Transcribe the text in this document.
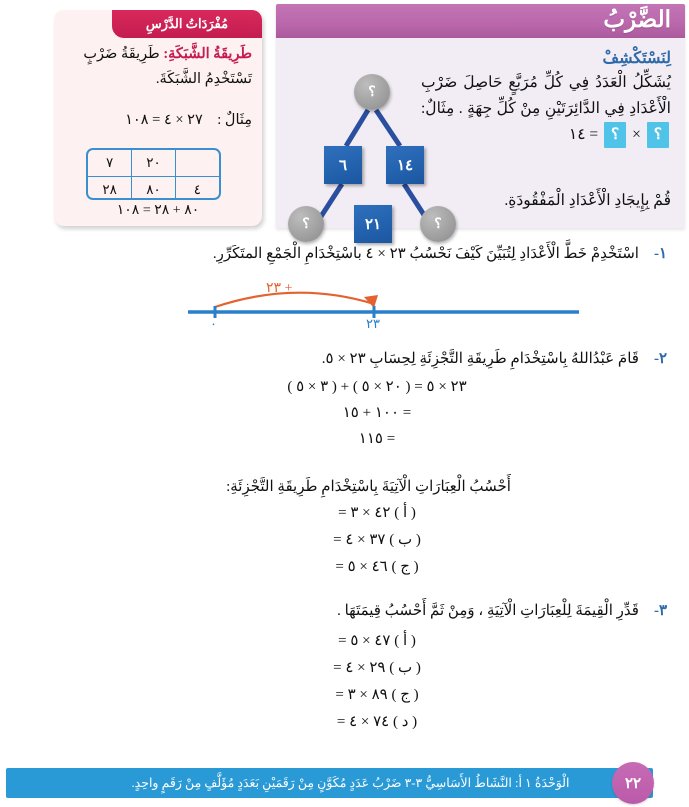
الضَّرْبُ
لِنَسْتَكْشِفْ
يُشَكِّلُ الْعَدَدُ فِي كُلِّ مُرَبَّعٍ حَاصِلَ ضَرْبِ الْأَعْدَادِ فِي الدَّائِرَتَيْنِ مِنْ كُلِّ جِهَةٍ . مِثَالٌ: ؟ × ؟ = ١٤
قُمْ بِإِيجَادِ الْأَعْدَادِ الْمَفْقُودَةِ.
؟
٦	١٤
؟	٢١	؟
مُفْرَدَاتُ الدَّرْسِ
طَرِيقَةُ الشَّبَكَةِ: طَرِيقَةُ ضَرْبٍ تَسْتَخْدِمُ الشَّبَكَةَ.
مِثَالٌ :    ٢٧ × ٤ = ١٠٨
	٢٠	٧
٤	٨٠	٢٨
٨٠ + ٢٨ = ١٠٨
١-    اسْتَخْدِمْ خَطَّ الْأَعْدَادِ لِتُبَيِّنَ كَيْفَ نَحْسُبُ ٢٣ × ٤ باسْتِخْدَامِ الْجَمْعِ المتَكَرِّرِ.
+ ٢٣
٠	٢٣
٢-    قَامَ عَبْدُاللهُ بِاسْتِخْدَامِ طَرِيقَةِ التَّجْزِئَةِ لِحِسَابِ ٢٣ × ٥.
٢٣ × ٥ = ( ٢٠ × ٥ ) + ( ٣ × ٥ )
= ١٠٠ + ١٥
= ١١٥
أَحْسُبُ الْعِبَارَاتِ الْآتِيَةَ بِاسْتِخْدَامِ طَرِيقَةِ التَّجْزِئَةِ:
( أ ) ٤٢ × ٣ =
( ب ) ٣٧ × ٤ =
( ج ) ٤٦ × ٥ =
٣-    قَدِّرِ الْقِيمَةَ لِلْعِبَارَاتِ الْآتِيَةِ ، وَمِنْ ثَمَّ أَحْسُبُ قِيمَتَهَا .
( أ ) ٤٧ × ٥ =
( ب ) ٢٩ × ٤ =
( ج ) ٨٩ × ٣ =
( د ) ٧٤ × ٤ =
الْوَحْدَةُ ١ أ: النَّشَاطُ الأَسَاسِيُّ ٣-٣ ضَرْبُ عَدَدٍ مُكَوَّنٍ مِنْ رَقَمَيْنِ بَعَدَدٍ مُؤَلَّفٍ مِنْ رَقَمٍ واحِدٍ.	٢٢
